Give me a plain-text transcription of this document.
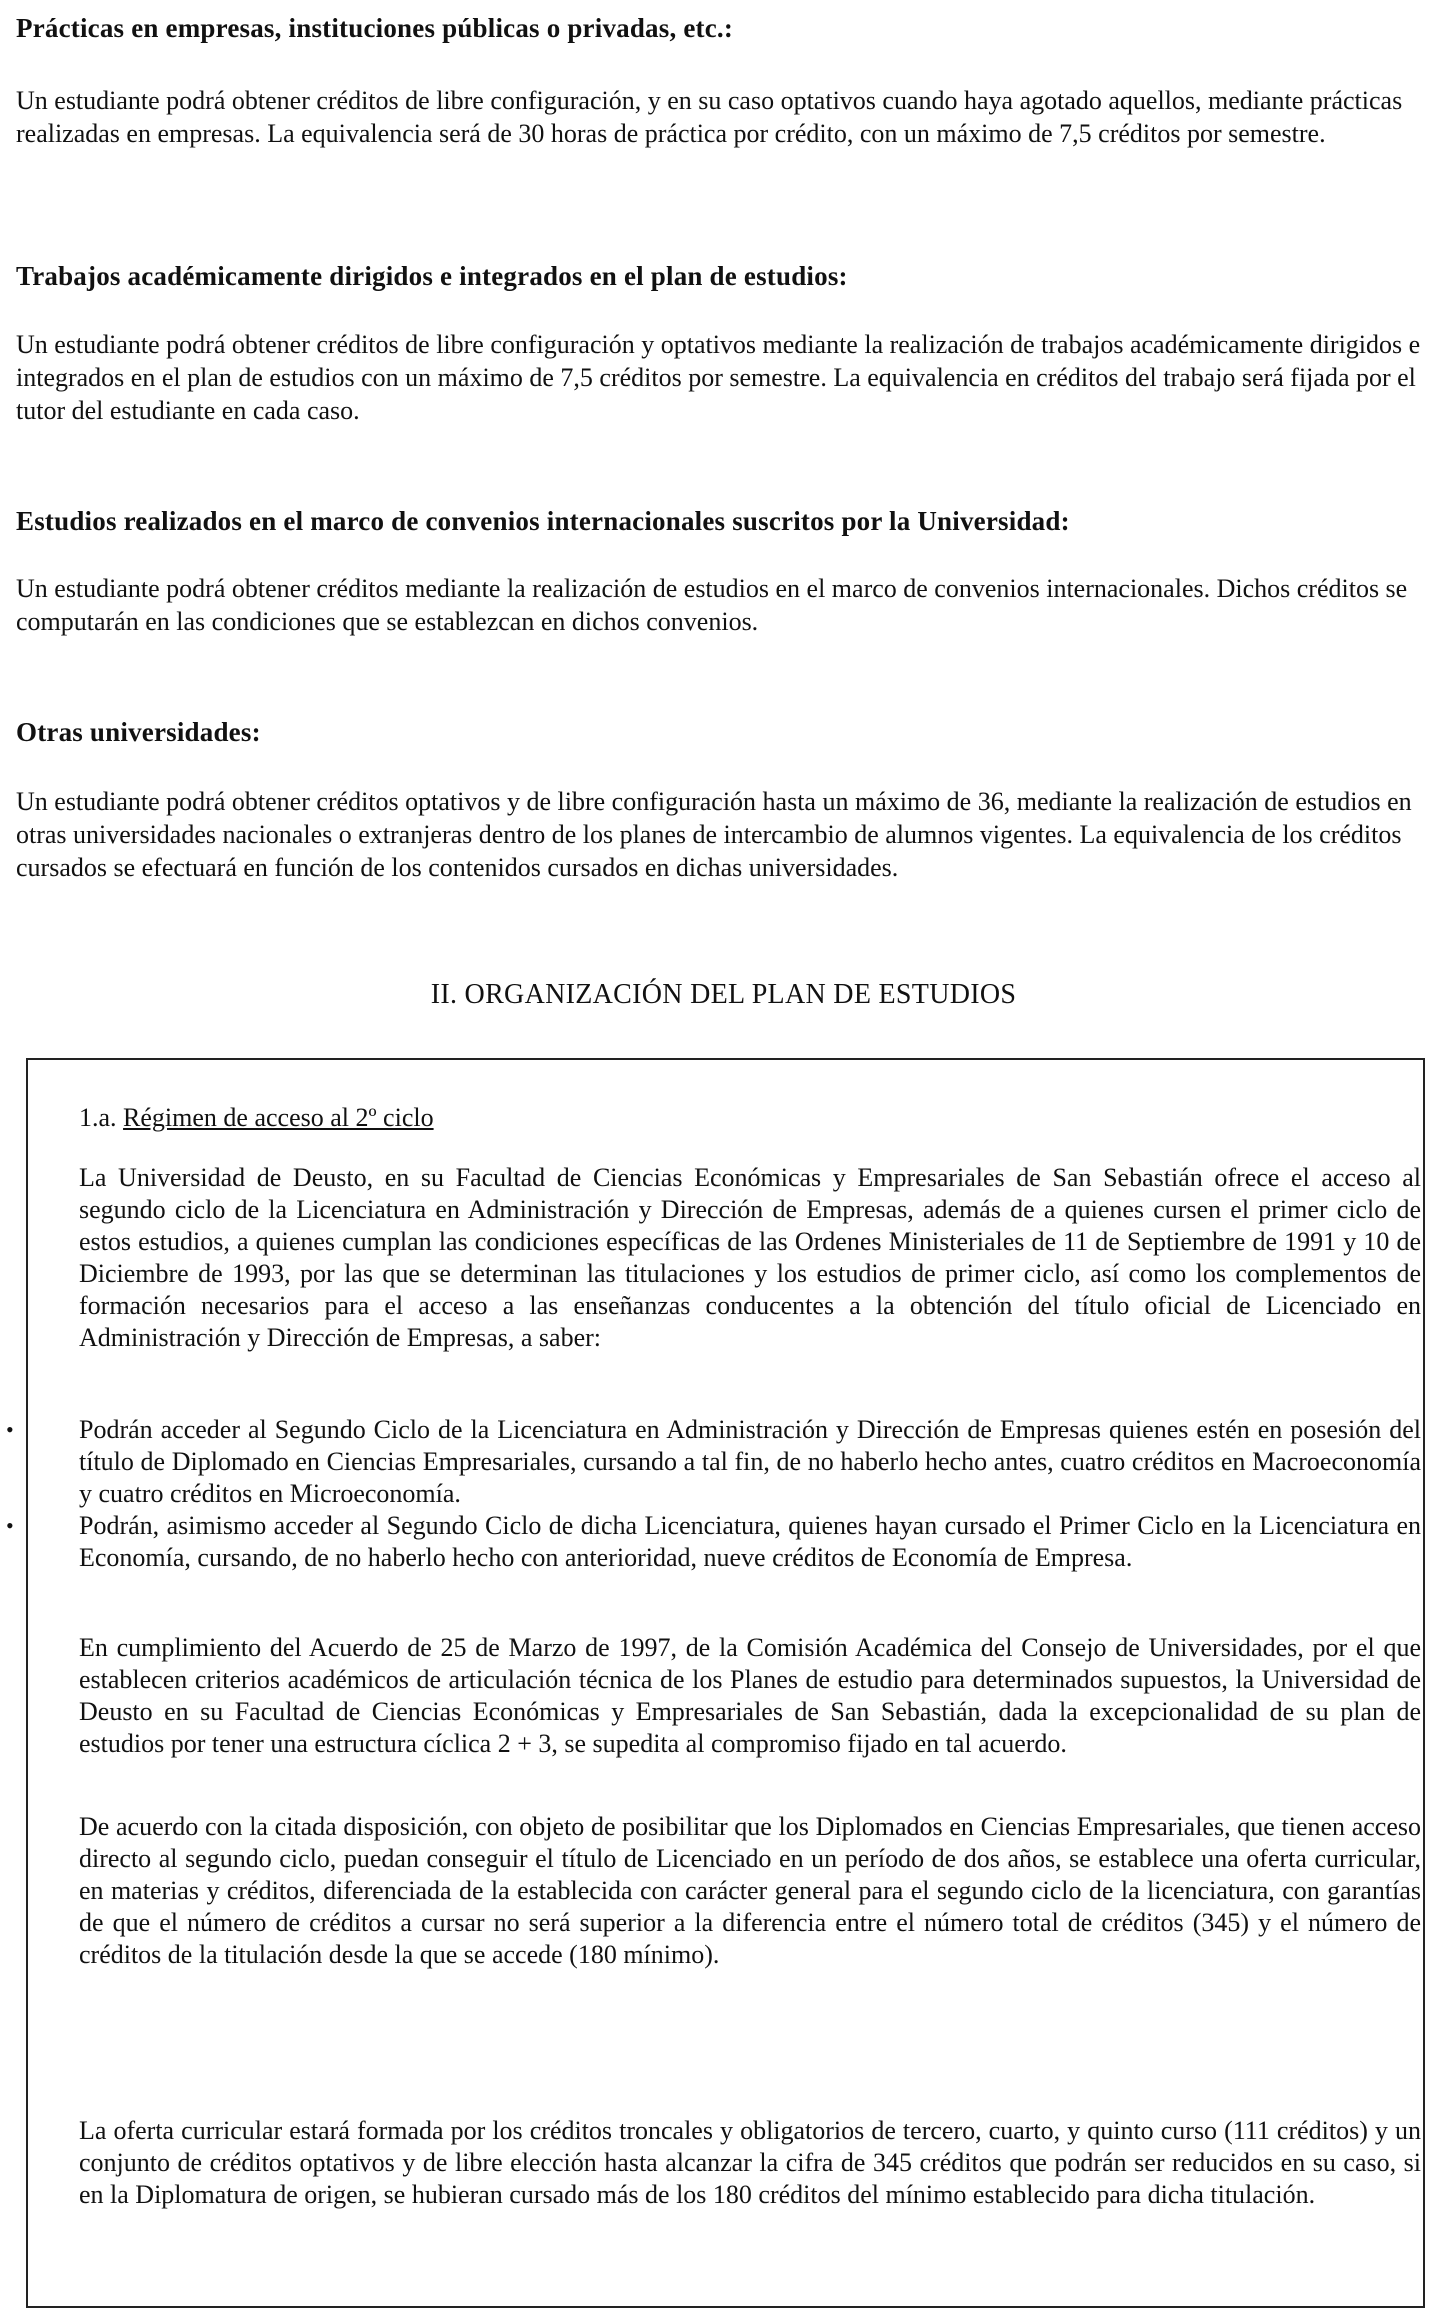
Prácticas en empresas, instituciones públicas o privadas, etc.:
Un estudiante podrá obtener créditos de libre configuración, y en su caso optativos cuando haya agotado aquellos, mediante prácticas realizadas en empresas. La equivalencia será de 30 horas de práctica por crédito, con un máximo de 7,5 créditos por semestre.
Trabajos académicamente dirigidos e integrados en el plan de estudios:
Un estudiante podrá obtener créditos de libre configuración y optativos mediante la realización de trabajos académicamente dirigidos e integrados en el plan de estudios con un máximo de 7,5 créditos por semestre. La equivalencia en créditos del trabajo será fijada por el tutor del estudiante en cada caso.
Estudios realizados en el marco de convenios internacionales suscritos por la Universidad:
Un estudiante podrá obtener créditos mediante la realización de estudios en el marco de convenios internacionales. Dichos créditos se computarán en las condiciones que se establezcan en dichos convenios.
Otras universidades:
Un estudiante podrá obtener créditos optativos y de libre configuración hasta un máximo de 36, mediante la realización de estudios en otras universidades nacionales o extranjeras dentro de los planes de intercambio de alumnos vigentes. La equivalencia de los créditos cursados se efectuará en función de los contenidos cursados en dichas universidades.
II. ORGANIZACIÓN DEL PLAN DE ESTUDIOS
1.a. Régimen de acceso al 2º ciclo
La Universidad de Deusto, en su Facultad de Ciencias Económicas y Empresariales de San Sebastián ofrece el acceso al segundo ciclo de la Licenciatura en Administración y Dirección de Empresas, además de a quienes cursen el primer ciclo de estos estudios, a quienes cumplan las condiciones específicas de las Ordenes Ministeriales de 11 de Septiembre de 1991 y 10 de Diciembre de 1993, por las que se determinan las titulaciones y los estudios de primer ciclo, así como los complementos de formación necesarios para el acceso a las enseñanzas conducentes a la obtención del título oficial de Licenciado en Administración y Dirección de Empresas, a saber:
•	Podrán acceder al Segundo Ciclo de la Licenciatura en Administración y Dirección de Empresas quienes estén en posesión del título de Diplomado en Ciencias Empresariales, cursando a tal fin, de no haberlo hecho antes, cuatro créditos en Macroeconomía y cuatro créditos en Microeconomía.
•	Podrán, asimismo acceder al Segundo Ciclo de dicha Licenciatura, quienes hayan cursado el Primer Ciclo en la Licenciatura en Economía, cursando, de no haberlo hecho con anterioridad, nueve créditos de Economía de Empresa.
En cumplimiento del Acuerdo de 25 de Marzo de 1997, de la Comisión Académica del Consejo de Universidades, por el que establecen criterios académicos de articulación técnica de los Planes de estudio para determinados supuestos, la Universidad de Deusto en su Facultad de Ciencias Económicas y Empresariales de San Sebastián, dada la excepcionalidad de su plan de estudios por tener una estructura cíclica 2 + 3, se supedita al compromiso fijado en tal acuerdo.
De acuerdo con la citada disposición, con objeto de posibilitar que los Diplomados en Ciencias Empresariales, que tienen acceso directo al segundo ciclo, puedan conseguir el título de Licenciado en un período de dos años, se establece una oferta curricular, en materias y créditos, diferenciada de la establecida con carácter general para el segundo ciclo de la licenciatura, con garantías de que el número de créditos a cursar no será superior a la diferencia entre el número total de créditos (345) y el número de créditos de la titulación desde la que se accede (180 mínimo).
La oferta curricular estará formada por los créditos troncales y obligatorios de tercero, cuarto, y quinto curso (111 créditos) y un conjunto de créditos optativos y de libre elección hasta alcanzar la cifra de 345 créditos que podrán ser reducidos en su caso, si en la Diplomatura de origen, se hubieran cursado más de los 180 créditos del mínimo establecido para dicha titulación.
